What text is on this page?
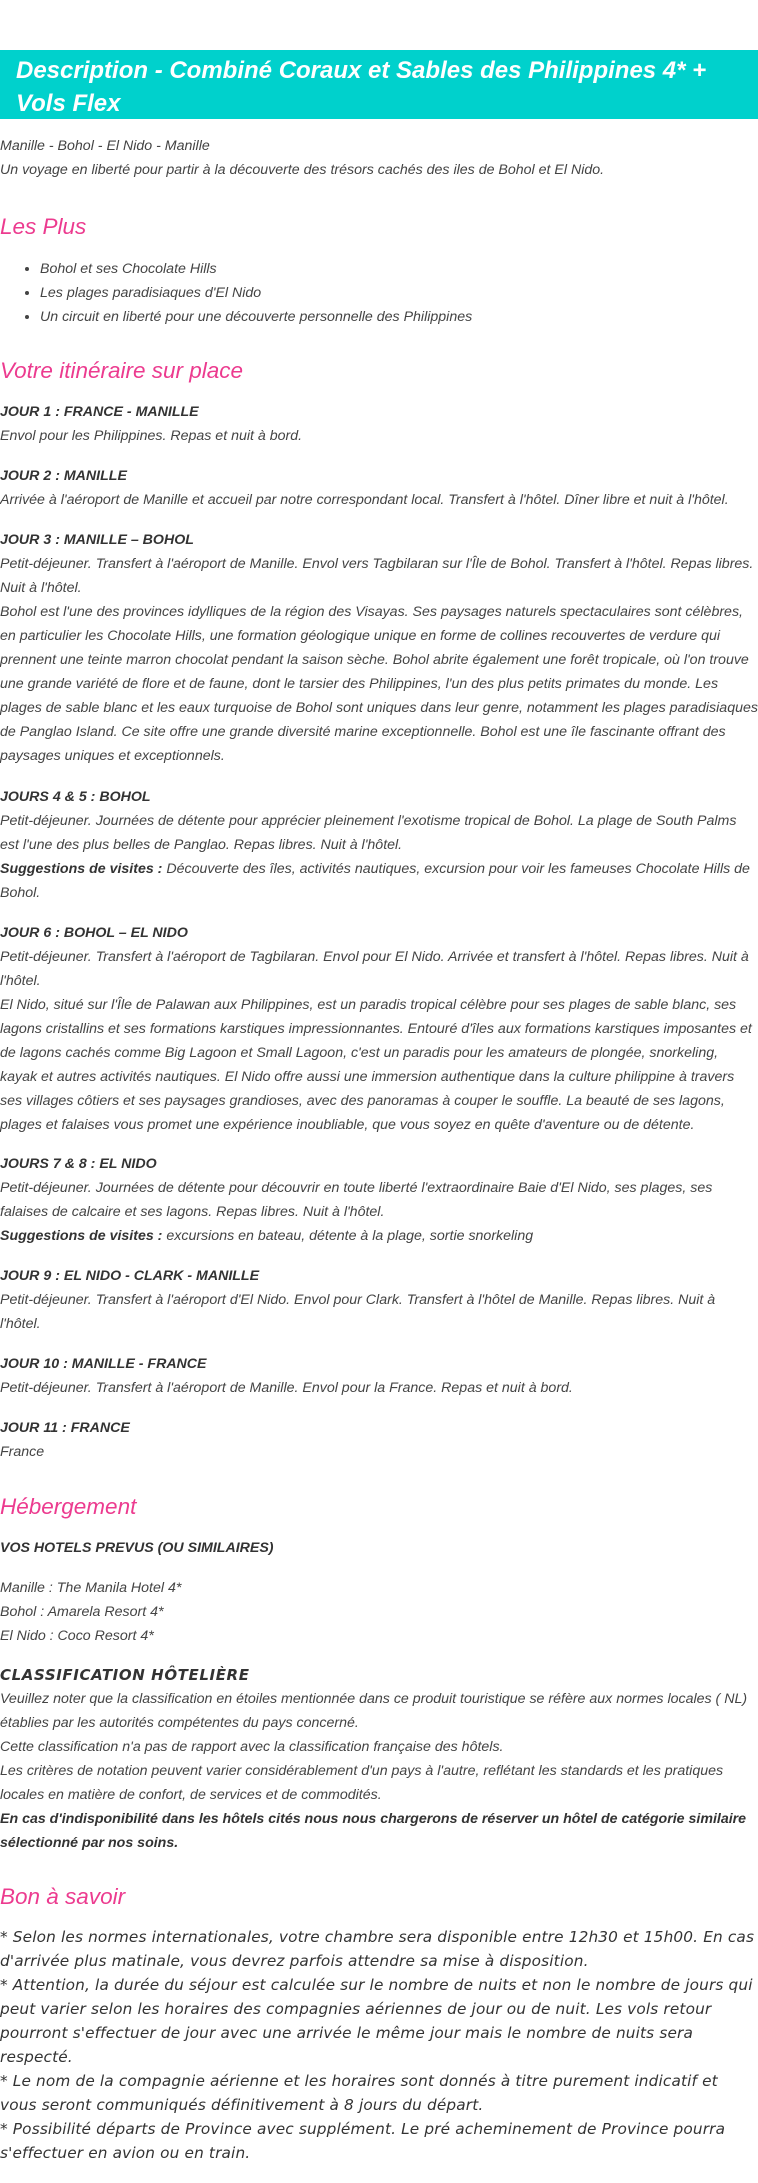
Description - Combiné Coraux et Sables des Philippines 4* + Vols Flex

Manille - Bohol - El Nido - Manille

Un voyage en liberté pour partir à la découverte des trésors cachés des iles de Bohol et El Nido.

Les Plus
• Bohol et ses Chocolate Hills
• Les plages paradisiaques d'El Nido
• Un circuit en liberté pour une découverte personnelle des Philippines
Votre itinéraire sur place

JOUR 1 : FRANCE - MANILLE

Envol pour les Philippines. Repas et nuit à bord.

JOUR 2 : MANILLE

Arrivée à l'aéroport de Manille et accueil par notre correspondant local. Transfert à l'hôtel. Dîner libre et nuit à l'hôtel.

JOUR 3 : MANILLE – BOHOL

Petit-déjeuner. Transfert à l'aéroport de Manille. Envol vers Tagbilaran sur l'Île de Bohol. Transfert à l'hôtel. Repas libres. Nuit à l'hôtel.

Bohol est l'une des provinces idylliques de la région des Visayas. Ses paysages naturels spectaculaires sont célèbres, en particulier les Chocolate Hills, une formation géologique unique en forme de collines recouvertes de verdure qui prennent une teinte marron chocolat pendant la saison sèche. Bohol abrite également une forêt tropicale, où l'on trouve une grande variété de flore et de faune, dont le tarsier des Philippines, l'un des plus petits primates du monde. Les plages de sable blanc et les eaux turquoise de Bohol sont uniques dans leur genre, notamment les plages paradisiaques de Panglao Island. Ce site offre une grande diversité marine exceptionnelle. Bohol est une île fascinante offrant des paysages uniques et exceptionnels.

JOURS 4 & 5 : BOHOL

Petit-déjeuner. Journées de détente pour apprécier pleinement l'exotisme tropical de Bohol. La plage de South Palms est l'une des plus belles de Panglao. Repas libres. Nuit à l'hôtel.

Suggestions de visites : Découverte des îles, activités nautiques, excursion pour voir les fameuses Chocolate Hills de Bohol.

JOUR 6 : BOHOL – EL NIDO

Petit-déjeuner. Transfert à l'aéroport de Tagbilaran. Envol pour El Nido. Arrivée et transfert à l'hôtel. Repas libres. Nuit à l'hôtel.

El Nido, situé sur l'Île de Palawan aux Philippines, est un paradis tropical célèbre pour ses plages de sable blanc, ses lagons cristallins et ses formations karstiques impressionnantes. Entouré d'îles aux formations karstiques imposantes et de lagons cachés comme Big Lagoon et Small Lagoon, c'est un paradis pour les amateurs de plongée, snorkeling, kayak et autres activités nautiques. El Nido offre aussi une immersion authentique dans la culture philippine à travers ses villages côtiers et ses paysages grandioses, avec des panoramas à couper le souffle. La beauté de ses lagons, plages et falaises vous promet une expérience inoubliable, que vous soyez en quête d'aventure ou de détente.

JOURS 7 & 8 : EL NIDO

Petit-déjeuner. Journées de détente pour découvrir en toute liberté l'extraordinaire Baie d'El Nido, ses plages, ses falaises de calcaire et ses lagons. Repas libres. Nuit à l'hôtel.

Suggestions de visites : excursions en bateau, détente à la plage, sortie snorkeling

JOUR 9 : EL NIDO - CLARK - MANILLE

Petit-déjeuner. Transfert à l'aéroport d'El Nido. Envol pour Clark. Transfert à l'hôtel de Manille. Repas libres. Nuit à l'hôtel.

JOUR 10 : MANILLE - FRANCE

Petit-déjeuner. Transfert à l'aéroport de Manille. Envol pour la France. Repas et nuit à bord.

JOUR 11 : FRANCE

France

Hébergement

VOS HOTELS PREVUS (OU SIMILAIRES)

Manille : The Manila Hotel 4*

Bohol : Amarela Resort 4*

El Nido : Coco Resort 4*

CLASSIFICATION HÔTELIÈRE

Veuillez noter que la classification en étoiles mentionnée dans ce produit touristique se réfère aux normes locales ( NL) établies par les autorités compétentes du pays concerné.

Cette classification n'a pas de rapport avec la classification française des hôtels.

Les critères de notation peuvent varier considérablement d'un pays à l'autre, reflétant les standards et les pratiques locales en matière de confort, de services et de commodités.

En cas d'indisponibilité dans les hôtels cités nous nous chargerons de réserver un hôtel de catégorie similaire sélectionné par nos soins.

Bon à savoir

* Selon les normes internationales, votre chambre sera disponible entre 12h30 et 15h00. En cas d'arrivée plus matinale, vous devrez parfois attendre sa mise à disposition.

* Attention, la durée du séjour est calculée sur le nombre de nuits et non le nombre de jours qui peut varier selon les horaires des compagnies aériennes de jour ou de nuit. Les vols retour pourront s'effectuer de jour avec une arrivée le même jour mais le nombre de nuits sera respecté.

* Le nom de la compagnie aérienne et les horaires sont donnés à titre purement indicatif et vous seront communiqués définitivement à 8 jours du départ.

* Possibilité départs de Province avec supplément. Le pré acheminement de Province pourra s'effectuer en avion ou en train.
